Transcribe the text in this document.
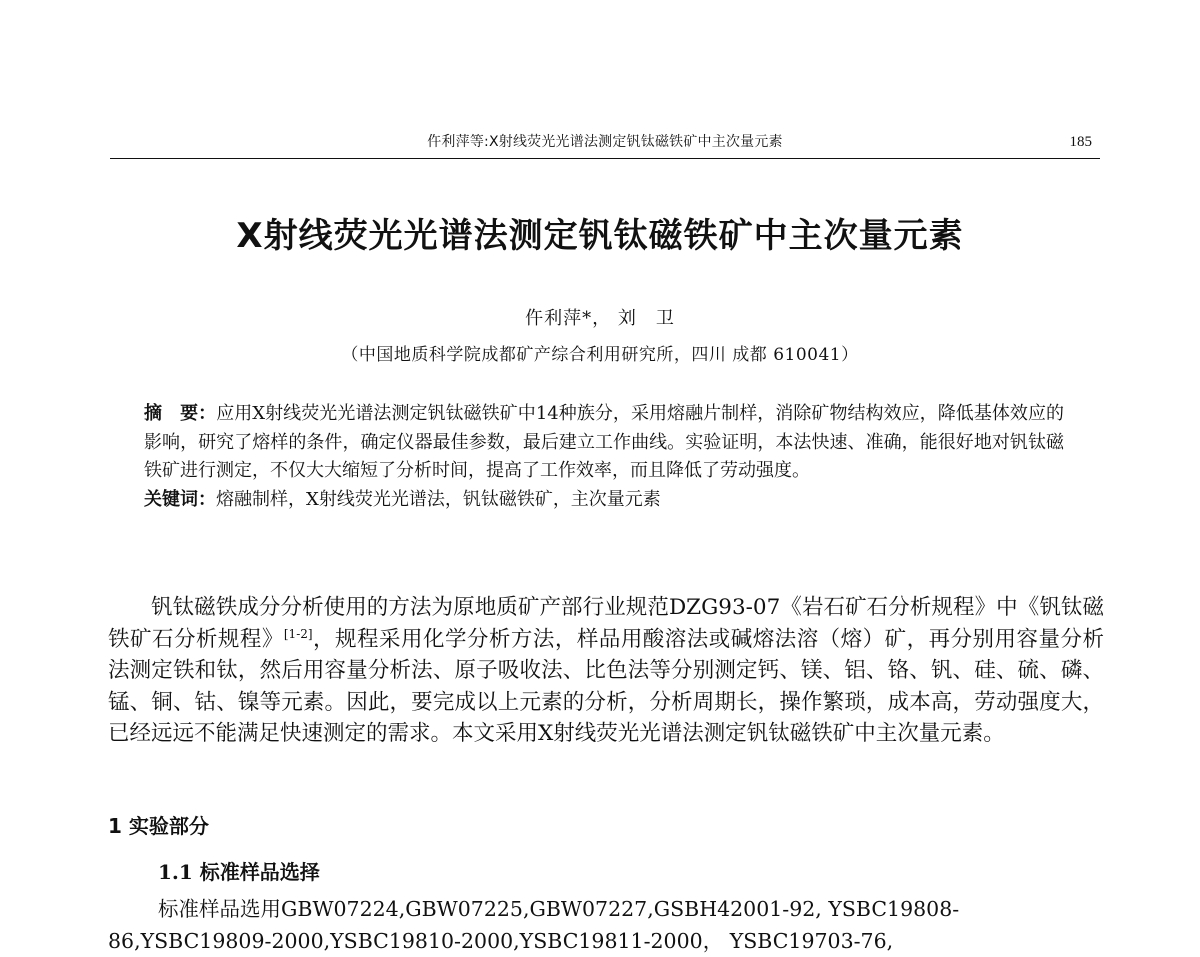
仵利萍等:X射线荧光光谱法测定钒钛磁铁矿中主次量元素	185
X射线荧光光谱法测定钒钛磁铁矿中主次量元素
仵利萍*， 刘　卫
（中国地质科学院成都矿产综合利用研究所，四川 成都 610041）

摘　要：应用X射线荧光光谱法测定钒钛磁铁矿中14种族分，采用熔融片制样，消除矿物结构效应，降低基体效应的影响，研究了熔样的条件，确定仪器最佳参数，最后建立工作曲线。实验证明，本法快速、准确，能很好地对钒钛磁铁矿进行测定，不仅大大缩短了分析时间，提高了工作效率，而且降低了劳动强度。

关键词：熔融制样，X射线荧光光谱法，钒钛磁铁矿，主次量元素

钒钛磁铁成分分析使用的方法为原地质矿产部行业规范DZG93-07《岩石矿石分析规程》中《钒钛磁铁矿石分析规程》[1-2]，规程采用化学分析方法，样品用酸溶法或碱熔法溶（熔）矿，再分别用容量分析法测定铁和钛，然后用容量分析法、原子吸收法、比色法等分别测定钙、镁、铝、铬、钒、硅、硫、磷、锰、铜、钴、镍等元素。因此，要完成以上元素的分析，分析周期长，操作繁琐，成本高，劳动强度大，已经远远不能满足快速测定的需求。本文采用X射线荧光光谱法测定钒钛磁铁矿中主次量元素。

1 实验部分
1.1 标准样品选择

标准样品选用GBW07224,GBW07225,GBW07227,GSBH42001-92, YSBC19808-86,YSBC19809-2000,YSBC19810-2000,YSBC19811-2000， YSBC19703-76,
